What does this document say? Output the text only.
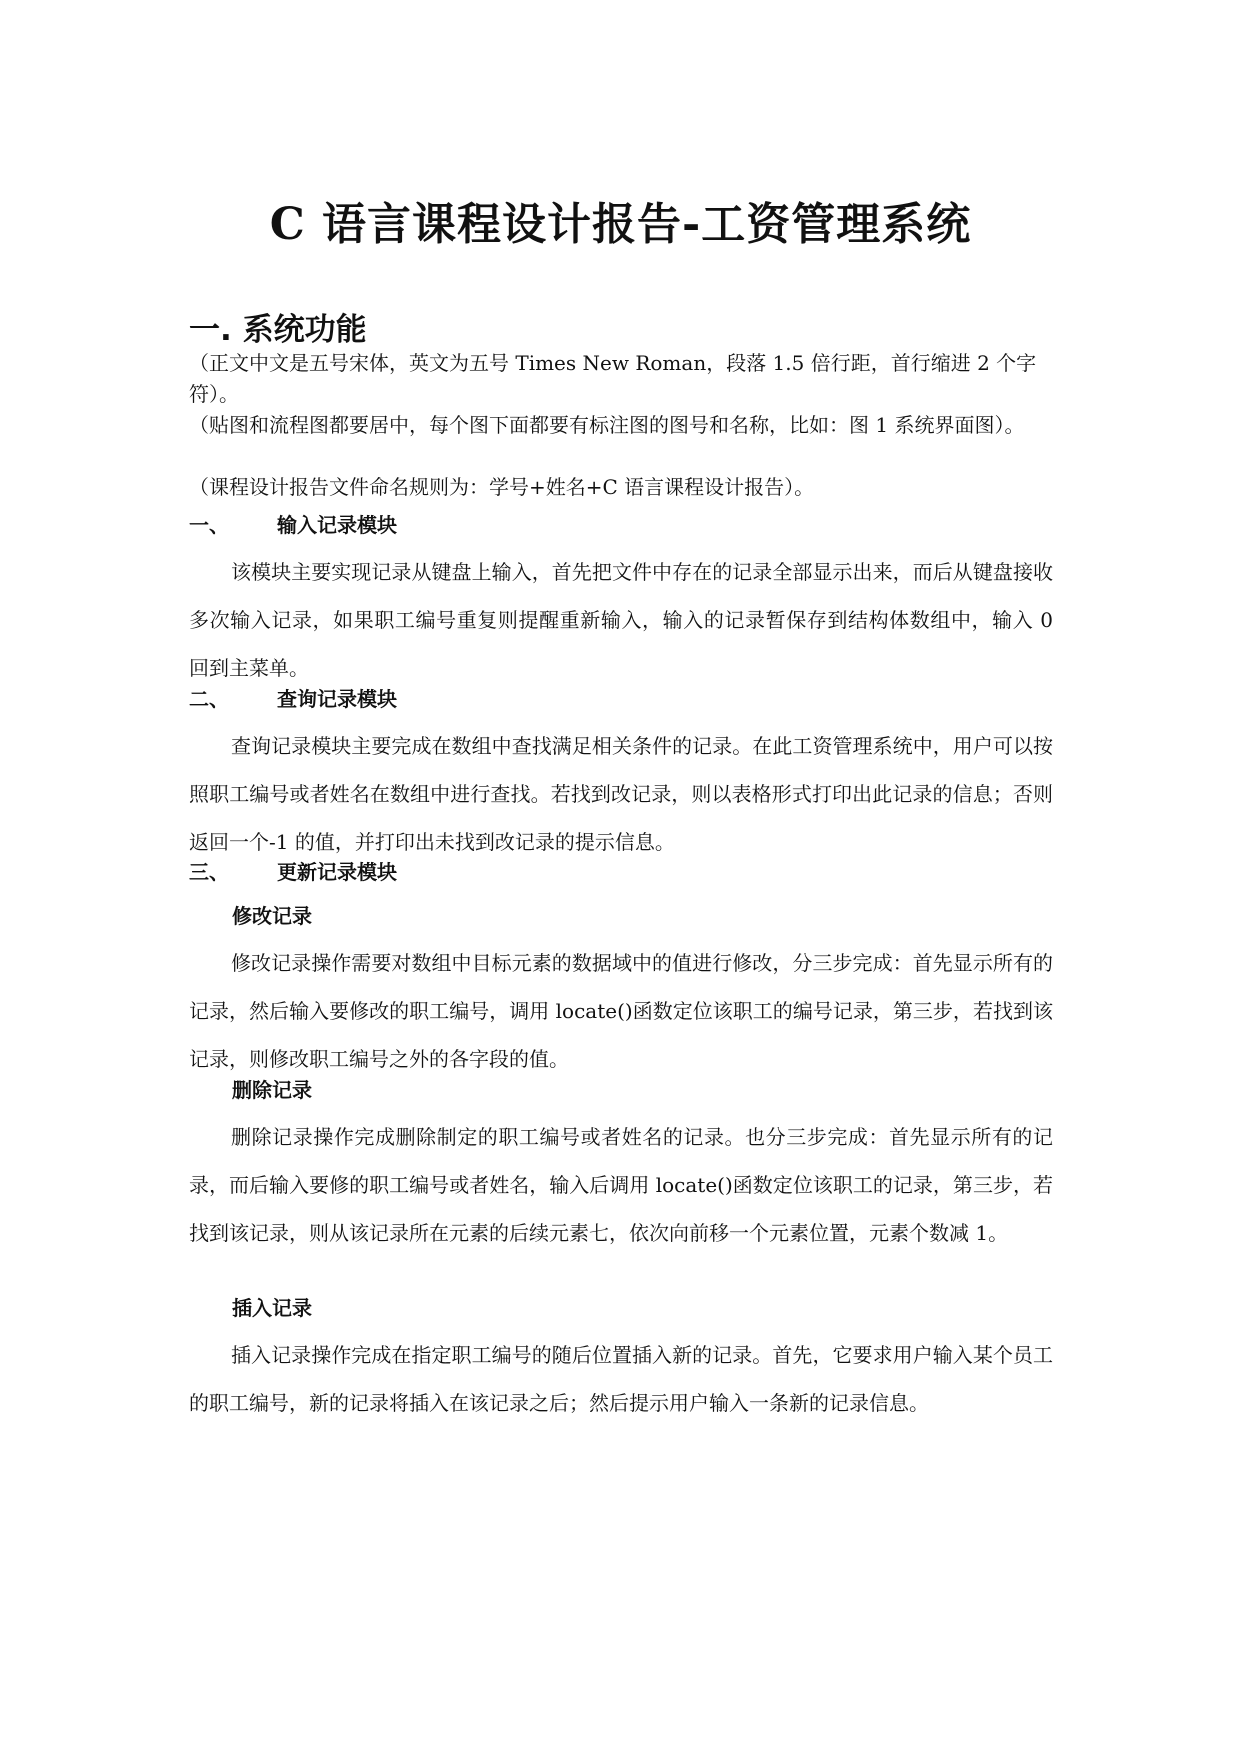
C 语言课程设计报告-工资管理系统
一. 系统功能

（正文中文是五号宋体，英文为五号 Times New Roman，段落 1.5 倍行距，首行缩进 2 个字符）。

（贴图和流程图都要居中，每个图下面都要有标注图的图号和名称，比如：图 1 系统界面图）。

（课程设计报告文件命名规则为：学号+姓名+C 语言课程设计报告）。

一、 输入记录模块

该模块主要实现记录从键盘上输入，首先把文件中存在的记录全部显示出来，而后从键盘接收多次输入记录，如果职工编号重复则提醒重新输入，输入的记录暂保存到结构体数组中，输入 0 回到主菜单。

二、 查询记录模块

查询记录模块主要完成在数组中查找满足相关条件的记录。在此工资管理系统中，用户可以按照职工编号或者姓名在数组中进行查找。若找到改记录，则以表格形式打印出此记录的信息；否则返回一个-1 的值，并打印出未找到改记录的提示信息。

三、 更新记录模块
修改记录

修改记录操作需要对数组中目标元素的数据域中的值进行修改，分三步完成：首先显示所有的记录，然后输入要修改的职工编号，调用 locate()函数定位该职工的编号记录，第三步，若找到该记录，则修改职工编号之外的各字段的值。

删除记录

删除记录操作完成删除制定的职工编号或者姓名的记录。也分三步完成：首先显示所有的记录，而后输入要修的职工编号或者姓名，输入后调用 locate()函数定位该职工的记录，第三步，若找到该记录，则从该记录所在元素的后续元素七，依次向前移一个元素位置，元素个数减 1。

插入记录

插入记录操作完成在指定职工编号的随后位置插入新的记录。首先，它要求用户输入某个员工的职工编号，新的记录将插入在该记录之后；然后提示用户输入一条新的记录信息。
